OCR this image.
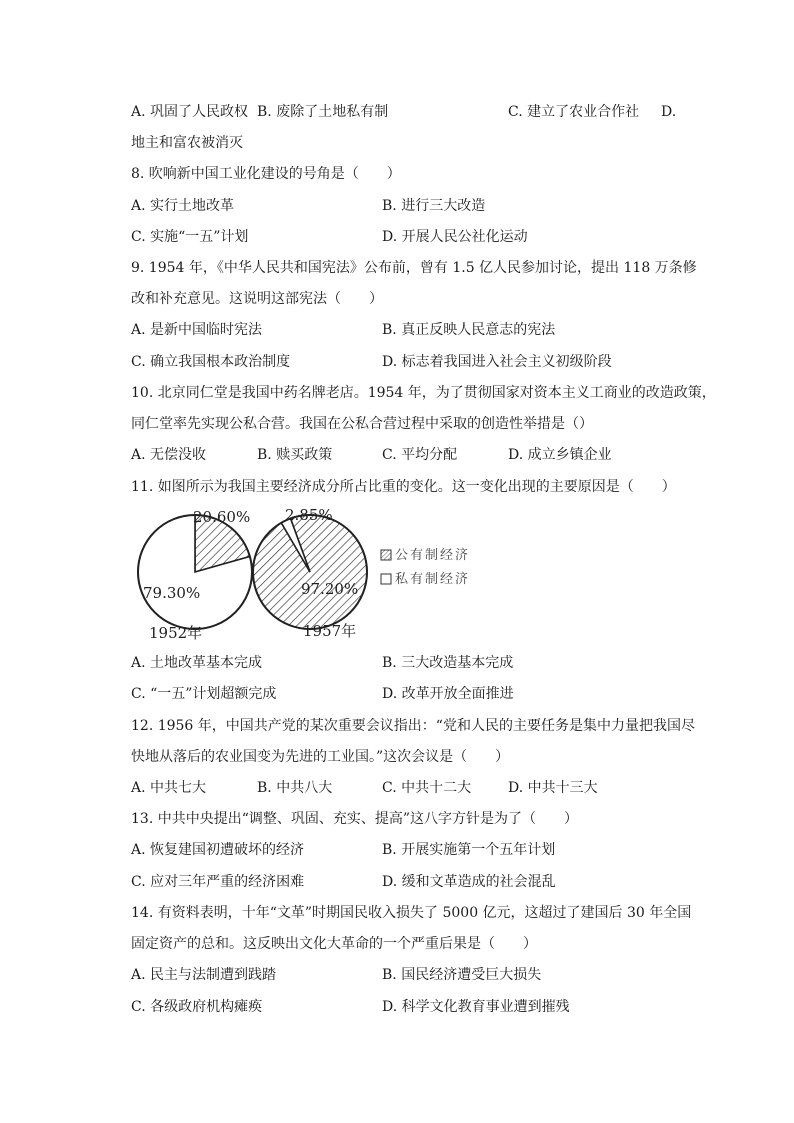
A. 巩固了人民政权 B. 废除了土地私有制	C. 建立了农业合作社 D.
地主和富农被消灭
8. 吹响新中国工业化建设的号角是（　　）
A. 实行土地改革	B. 进行三大改造
C. 实施“一五”计划	D. 开展人民公社化运动
9. 1954 年，《中华人民共和国宪法》公布前，曾有 1.5 亿人民参加讨论，提出 118 万条修
改和补充意见。这说明这部宪法（　　）
A. 是新中国临时宪法	B. 真正反映人民意志的宪法
C. 确立我国根本政治制度	D. 标志着我国进入社会主义初级阶段
10. 北京同仁堂是我国中药名牌老店。1954 年，为了贯彻国家对资本主义工商业的改造政策，
同仁堂率先实现公私合营。我国在公私合营过程中采取的创造性举措是（）
A. 无偿没收	B. 赎买政策	C. 平均分配	D. 成立乡镇企业
11. 如图所示为我国主要经济成分所占比重的变化。这一变化出现的主要原因是（　　）
20.60%
79.30%
1952年
2.85%
97.20%
1957年
公有制经济
私有制经济
A. 土地改革基本完成	B. 三大改造基本完成
C. “一五”计划超额完成	D. 改革开放全面推进
12. 1956 年，中国共产党的某次重要会议指出：“党和人民的主要任务是集中力量把我国尽
快地从落后的农业国变为先进的工业国。”这次会议是（　　）
A. 中共七大	B. 中共八大	C. 中共十二大	D. 中共十三大
13. 中共中央提出“调整、巩固、充实、提高”这八字方针是为了（　　）
A. 恢复建国初遭破坏的经济	B. 开展实施第一个五年计划
C. 应对三年严重的经济困难	D. 缓和文革造成的社会混乱
14. 有资料表明，十年“文革”时期国民收入损失了 5000 亿元，这超过了建国后 30 年全国
固定资产的总和。这反映出文化大革命的一个严重后果是（　　）
A. 民主与法制遭到践踏	B. 国民经济遭受巨大损失
C. 各级政府机构瘫痪	D. 科学文化教育事业遭到摧残
